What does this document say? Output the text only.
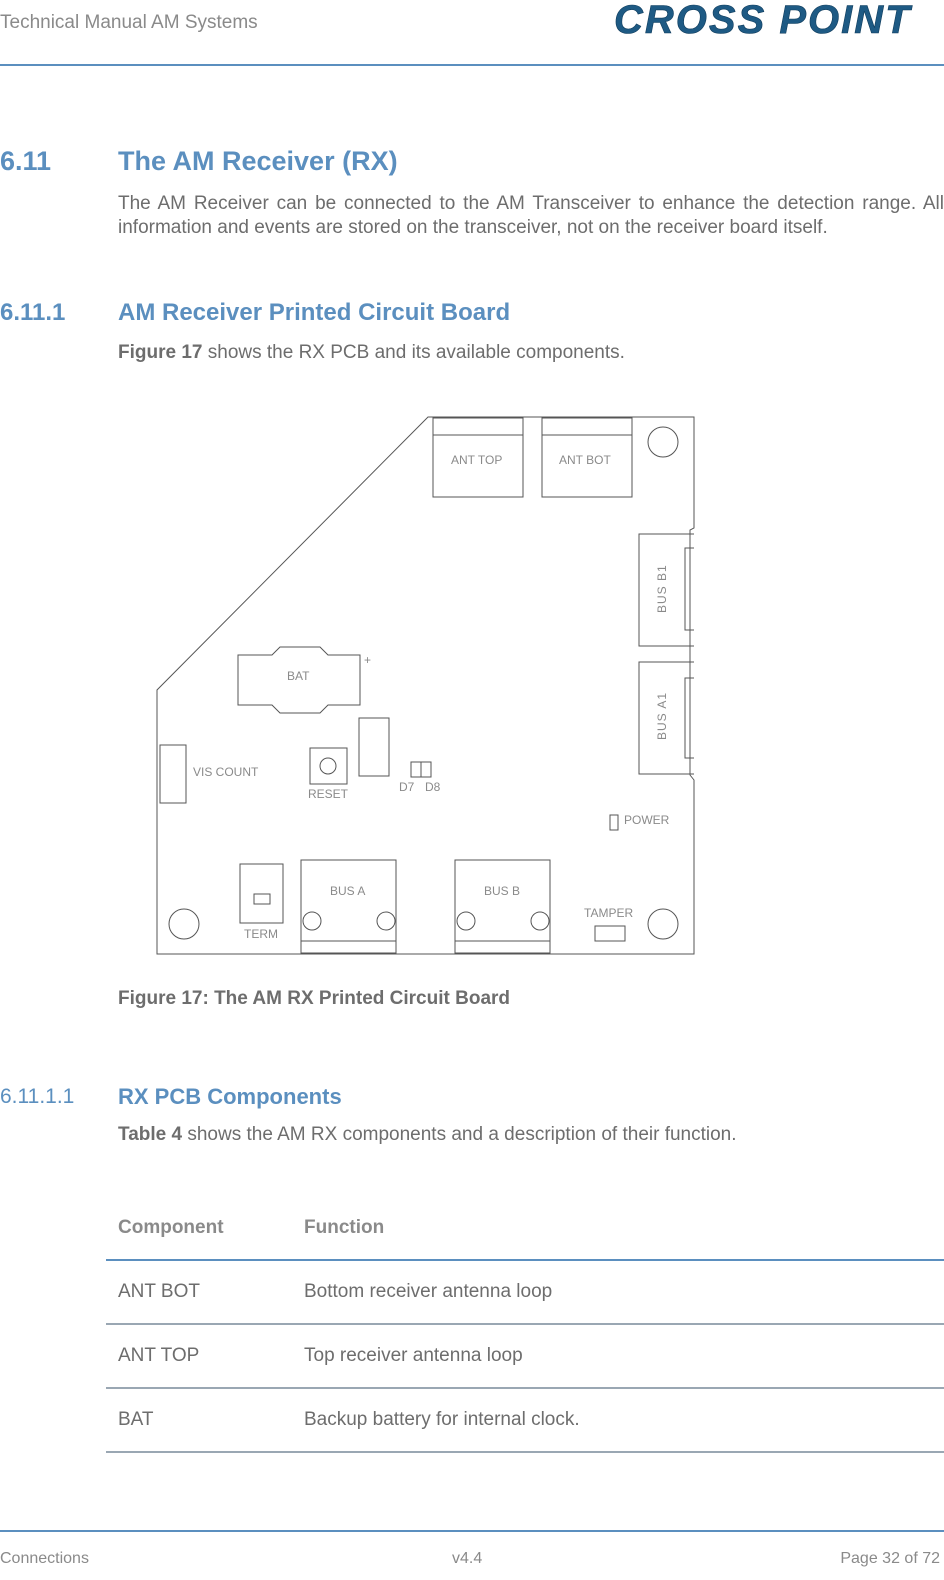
Technical Manual AM Systems	CROSS POINT
6.11 The AM Receiver (RX)
The AM Receiver can be connected to the AM Transceiver to enhance the detection range. All information and events are stored on the transceiver, not on the receiver board itself.
6.11.1 AM Receiver Printed Circuit Board
Figure 17 shows the RX PCB and its available components.
ANT TOP	ANT BOT
BUS B1
BUS A1
BAT
+
VIS COUNT
RESET	D7 D8
POWER
BUS A	BUS B
TAMPER
TERM
Figure 17: The AM RX Printed Circuit Board
6.11.1.1 RX PCB Components
Table 4 shows the AM RX components and a description of their function.
Component	Function
ANT BOT	Bottom receiver antenna loop
ANT TOP	Top receiver antenna loop
BAT	Backup battery for internal clock.
Connections	v4.4	Page 32 of 72
